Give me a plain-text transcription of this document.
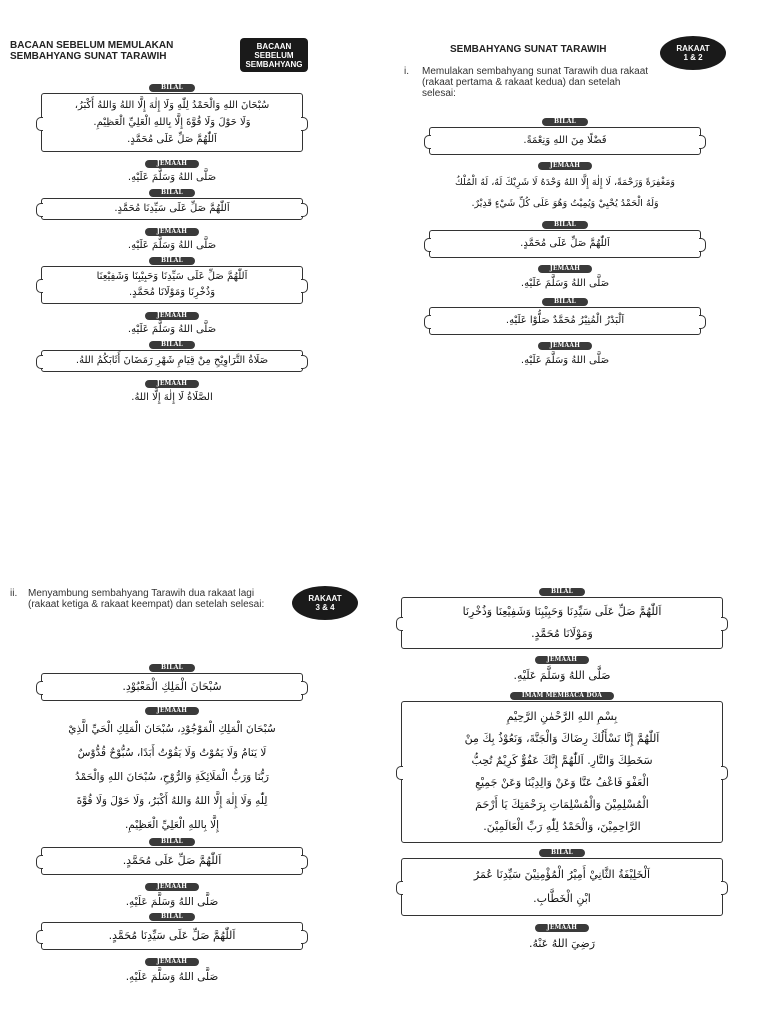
BACAAN SEBELUM MEMULAKAN
SEMBAHYANG SUNAT TARAWIH
BACAAN
SEBELUM
SEMBAHYANG
BILAL
سُبْحَانَ اللهِ وَالْحَمْدُ لِلّٰهِ وَلَا إِلٰهَ إِلَّا اللهُ وَاللهُ أَكْبَرُ،
وَلَا حَوْلَ وَلَا قُوَّةَ إِلَّا بِاللهِ الْعَلِيِّ الْعَظِيْمِ.
اَللّٰهُمَّ صَلِّ عَلَى مُحَمَّدٍ.
JEMAAH
صَلَّى اللهُ وَسَلَّمَ عَلَيْهِ.
BILAL
اَللّٰهُمَّ صَلِّ عَلَى سَيِّدِنَا مُحَمَّدٍ.
JEMAAH
صَلَّى اللهُ وَسَلَّمَ عَلَيْهِ.
BILAL
اَللّٰهُمَّ صَلِّ عَلَى سَيِّدِنَا وَحَبِيْبِنَا وَشَفِيْعِنَا
وَذُخْرِنَا وَمَوْلَانَا مُحَمَّدٍ.
JEMAAH
صَلَّى اللهُ وَسَلَّمَ عَلَيْهِ.
BILAL
صَلَاةُ التَّرَاوِيْحِ مِنْ قِيَامِ شَهْرِ رَمَضَانَ أَثَابَكُمُ اللهُ.
JEMAAH
الصَّلَاةُ لَا إِلٰهَ إِلَّا اللهُ.
SEMBAHYANG SUNAT TARAWIH	RAKAAT
1 & 2
i. Memulakan sembahyang sunat Tarawih dua rakaat (rakaat pertama & rakaat kedua) dan setelah selesai:
BILAL
فَضْلًا مِنَ اللهِ وَنِعْمَةً.
JEMAAH
وَمَغْفِرَةً وَرَحْمَةً، لَا إِلٰهَ إِلَّا اللهُ وَحْدَهُ لَا شَرِيْكَ لَهُ، لَهُ الْمُلْكُ
وَلَهُ الْحَمْدُ يُحْيِيْ وَيُمِيْتُ وَهُوَ عَلَى كُلِّ شَيْءٍ قَدِيْرٌ.
BILAL
اَللّٰهُمَّ صَلِّ عَلَى مُحَمَّدٍ.
JEMAAH
صَلَّى اللهُ وَسَلَّمَ عَلَيْهِ.
BILAL
اَلْبَدْرُ الْمُنِيْرُ مُحَمَّدٌ صَلُّوْا عَلَيْهِ.
JEMAAH
صَلَّى اللهُ وَسَلَّمَ عَلَيْهِ.
ii. Menyambung sembahyang Tarawih dua rakaat lagi (rakaat ketiga & rakaat keempat) dan setelah selesai:
RAKAAT
3 & 4
BILAL
سُبْحَانَ الْمَلِكِ الْمَعْبُوْدِ.
JEMAAH
سُبْحَانَ الْمَلِكِ الْمَوْجُوْدِ، سُبْحَانَ الْمَلِكِ الْحَيِّ الَّذِيْ
لَا يَنَامُ وَلَا يَمُوْتُ وَلَا يَفُوْتُ أَبَدًا، سُبُّوْحٌ قُدُّوْسٌ
رَبُّنَا وَرَبُّ الْمَلَائِكَةِ وَالرُّوْحِ، سُبْحَانَ اللهِ وَالْحَمْدُ
لِلّٰهِ وَلَا إِلٰهَ إِلَّا اللهُ وَاللهُ أَكْبَرُ، وَلَا حَوْلَ وَلَا قُوَّةَ
إِلَّا بِاللهِ الْعَلِيِّ الْعَظِيْمِ.
BILAL
اَللّٰهُمَّ صَلِّ عَلَى مُحَمَّدٍ.
JEMAAH
صَلَّى اللهُ وَسَلَّمَ عَلَيْهِ.
BILAL
اَللّٰهُمَّ صَلِّ عَلَى سَيِّدِنَا مُحَمَّدٍ.
JEMAAH
صَلَّى اللهُ وَسَلَّمَ عَلَيْهِ.
BILAL
اَللّٰهُمَّ صَلِّ عَلَى سَيِّدِنَا وَحَبِيْبِنَا وَشَفِيْعِنَا وَذُخْرِنَا
وَمَوْلَانَا مُحَمَّدٍ.
JEMAAH
صَلَّى اللهُ وَسَلَّمَ عَلَيْهِ.
IMAM MEMBACA DOA
بِسْمِ اللهِ الرَّحْمٰنِ الرَّحِيْمِ
اَللّٰهُمَّ إِنَّا نَسْأَلُكَ رِضَاكَ وَالْجَنَّةَ، وَنَعُوْذُ بِكَ مِنْ
سَخَطِكَ وَالنَّارِ. اَللّٰهُمَّ إِنَّكَ عَفُوٌّ كَرِيْمٌ تُحِبُّ
الْعَفْوَ فَاعْفُ عَنَّا وَعَنْ وَالِدِيْنَا وَعَنْ جَمِيْعِ
الْمُسْلِمِيْنَ وَالْمُسْلِمَاتِ بِرَحْمَتِكَ يَا أَرْحَمَ
الرَّاحِمِيْنَ، وَالْحَمْدُ لِلّٰهِ رَبِّ الْعَالَمِيْنَ.
BILAL
اَلْخَلِيْفَةُ الثَّانِيْ أَمِيْرُ الْمُؤْمِنِيْنَ سَيِّدِنَا عُمَرُ
ابْنِ الْخَطَّابِ.
JEMAAH
رَضِيَ اللهُ عَنْهُ.
